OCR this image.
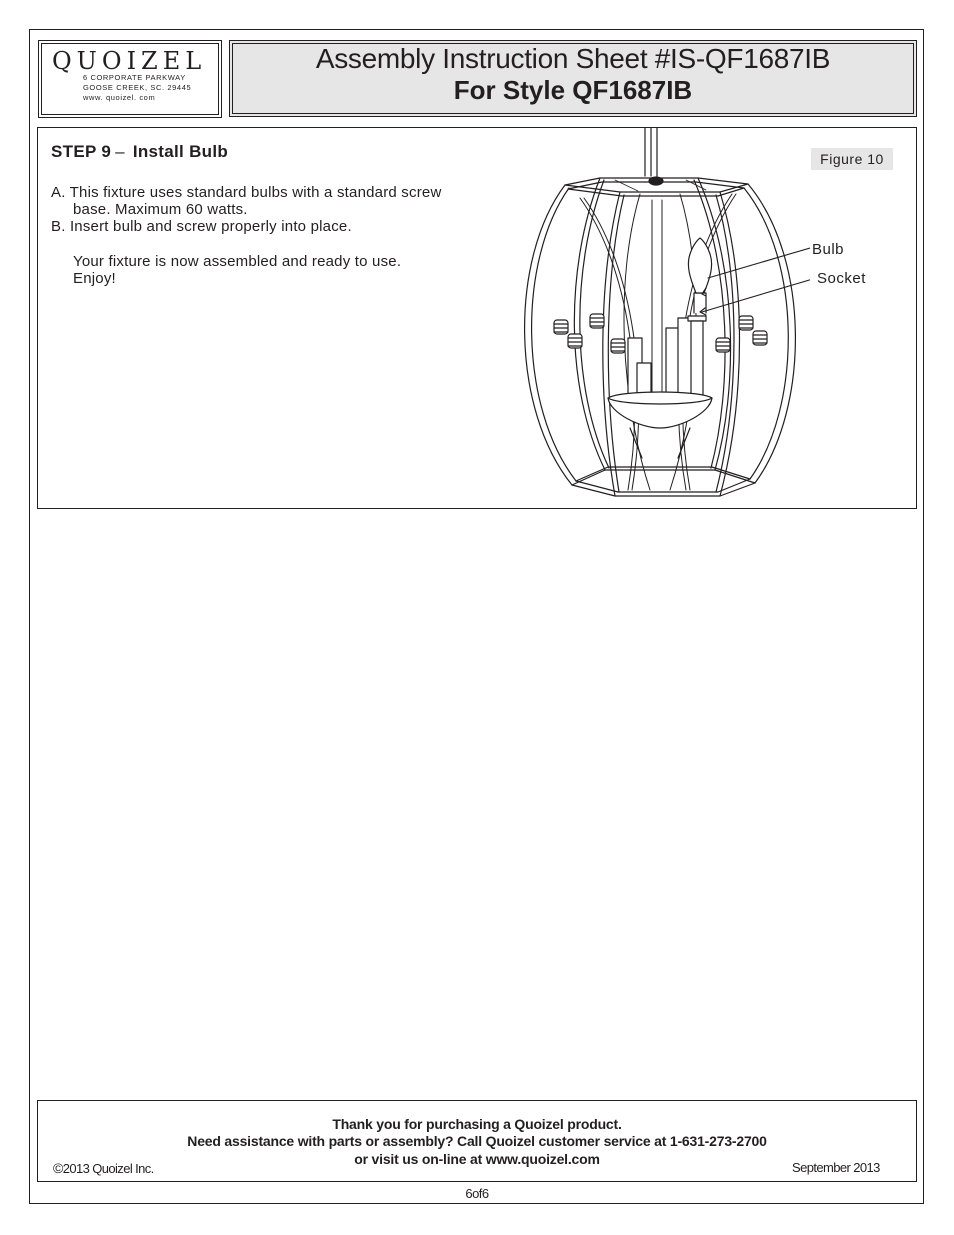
QUOIZEL
6 CORPORATE PARKWAY
GOOSE CREEK, SC. 29445
www. quoizel. com
Assembly Instruction Sheet #IS-QF1687IB
For Style QF1687IB
STEP 9 – Install Bulb
A. This fixture uses standard bulbs with a standard screw
base. Maximum 60 watts.
B. Insert bulb and screw properly into place.
Your fixture is now assembled and ready to use.
Enjoy!
Figure 10
Bulb
Socket
Thank you for purchasing a Quoizel product.
Need assistance with parts or assembly? Call Quoizel customer service at 1-631-273-2700
or visit us on-line at www.quoizel.com
©2013 Quoizel Inc.	September 2013
6of6
